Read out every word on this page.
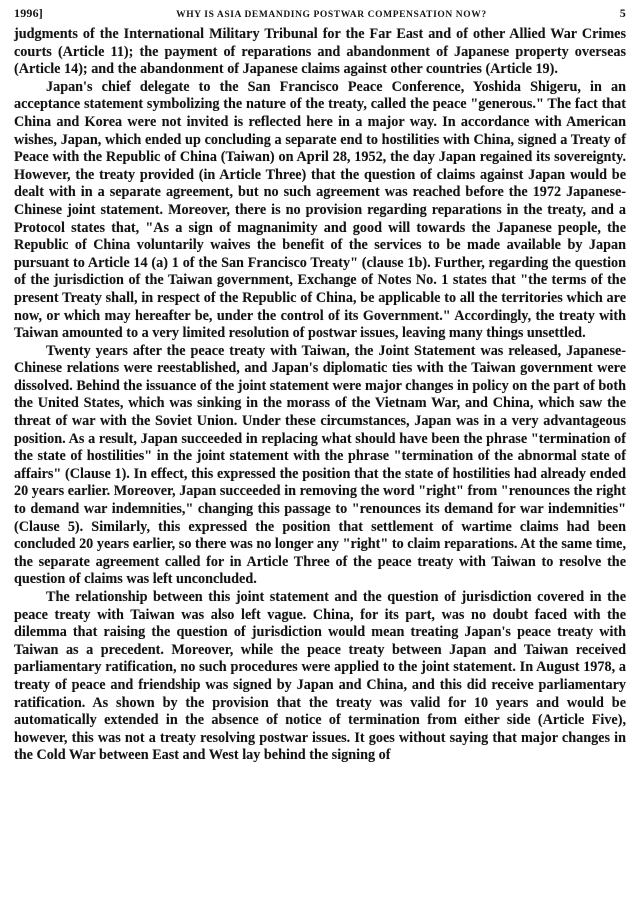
1996]	WHY IS ASIA DEMANDING POSTWAR COMPENSATION NOW?	5

judgments of the International Military Tribunal for the Far East and of other Allied War Crimes courts (Article 11); the payment of reparations and abandonment of Japanese property overseas (Article 14); and the abandonment of Japanese claims against other countries (Article 19).

Japan's chief delegate to the San Francisco Peace Conference, Yoshida Shigeru, in an acceptance statement symbolizing the nature of the treaty, called the peace "generous." The fact that China and Korea were not invited is reflected here in a major way. In accordance with American wishes, Japan, which ended up concluding a separate end to hostilities with China, signed a Treaty of Peace with the Republic of China (Taiwan) on April 28, 1952, the day Japan regained its sovereignty. However, the treaty provided (in Article Three) that the question of claims against Japan would be dealt with in a separate agreement, but no such agreement was reached before the 1972 Japanese-Chinese joint statement. Moreover, there is no provision regarding reparations in the treaty, and a Protocol states that, "As a sign of magnanimity and good will towards the Japanese people, the Republic of China voluntarily waives the benefit of the services to be made available by Japan pursuant to Article 14 (a) 1 of the San Francisco Treaty" (clause 1b). Further, regarding the question of the jurisdiction of the Taiwan government, Exchange of Notes No. 1 states that "the terms of the present Treaty shall, in respect of the Republic of China, be applicable to all the territories which are now, or which may hereafter be, under the control of its Government." Accordingly, the treaty with Taiwan amounted to a very limited resolution of postwar issues, leaving many things unsettled.

Twenty years after the peace treaty with Taiwan, the Joint Statement was released, Japanese-Chinese relations were reestablished, and Japan's diplomatic ties with the Taiwan government were dissolved. Behind the issuance of the joint statement were major changes in policy on the part of both the United States, which was sinking in the morass of the Vietnam War, and China, which saw the threat of war with the Soviet Union. Under these circumstances, Japan was in a very advantageous position. As a result, Japan succeeded in replacing what should have been the phrase "termination of the state of hostilities" in the joint statement with the phrase "termination of the abnormal state of affairs" (Clause 1). In effect, this expressed the position that the state of hostilities had already ended 20 years earlier. Moreover, Japan succeeded in removing the word "right" from "renounces the right to demand war indemnities," changing this passage to "renounces its demand for war indemnities" (Clause 5). Similarly, this expressed the position that settlement of wartime claims had been concluded 20 years earlier, so there was no longer any "right" to claim reparations. At the same time, the separate agreement called for in Article Three of the peace treaty with Taiwan to resolve the question of claims was left unconcluded.

The relationship between this joint statement and the question of jurisdiction covered in the peace treaty with Taiwan was also left vague. China, for its part, was no doubt faced with the dilemma that raising the question of jurisdiction would mean treating Japan's peace treaty with Taiwan as a precedent. Moreover, while the peace treaty between Japan and Taiwan received parliamentary ratification, no such procedures were applied to the joint statement. In August 1978, a treaty of peace and friendship was signed by Japan and China, and this did receive parliamentary ratification. As shown by the provision that the treaty was valid for 10 years and would be automatically extended in the absence of notice of termination from either side (Article Five), however, this was not a treaty resolving postwar issues. It goes without saying that major changes in the Cold War between East and West lay behind the signing of
